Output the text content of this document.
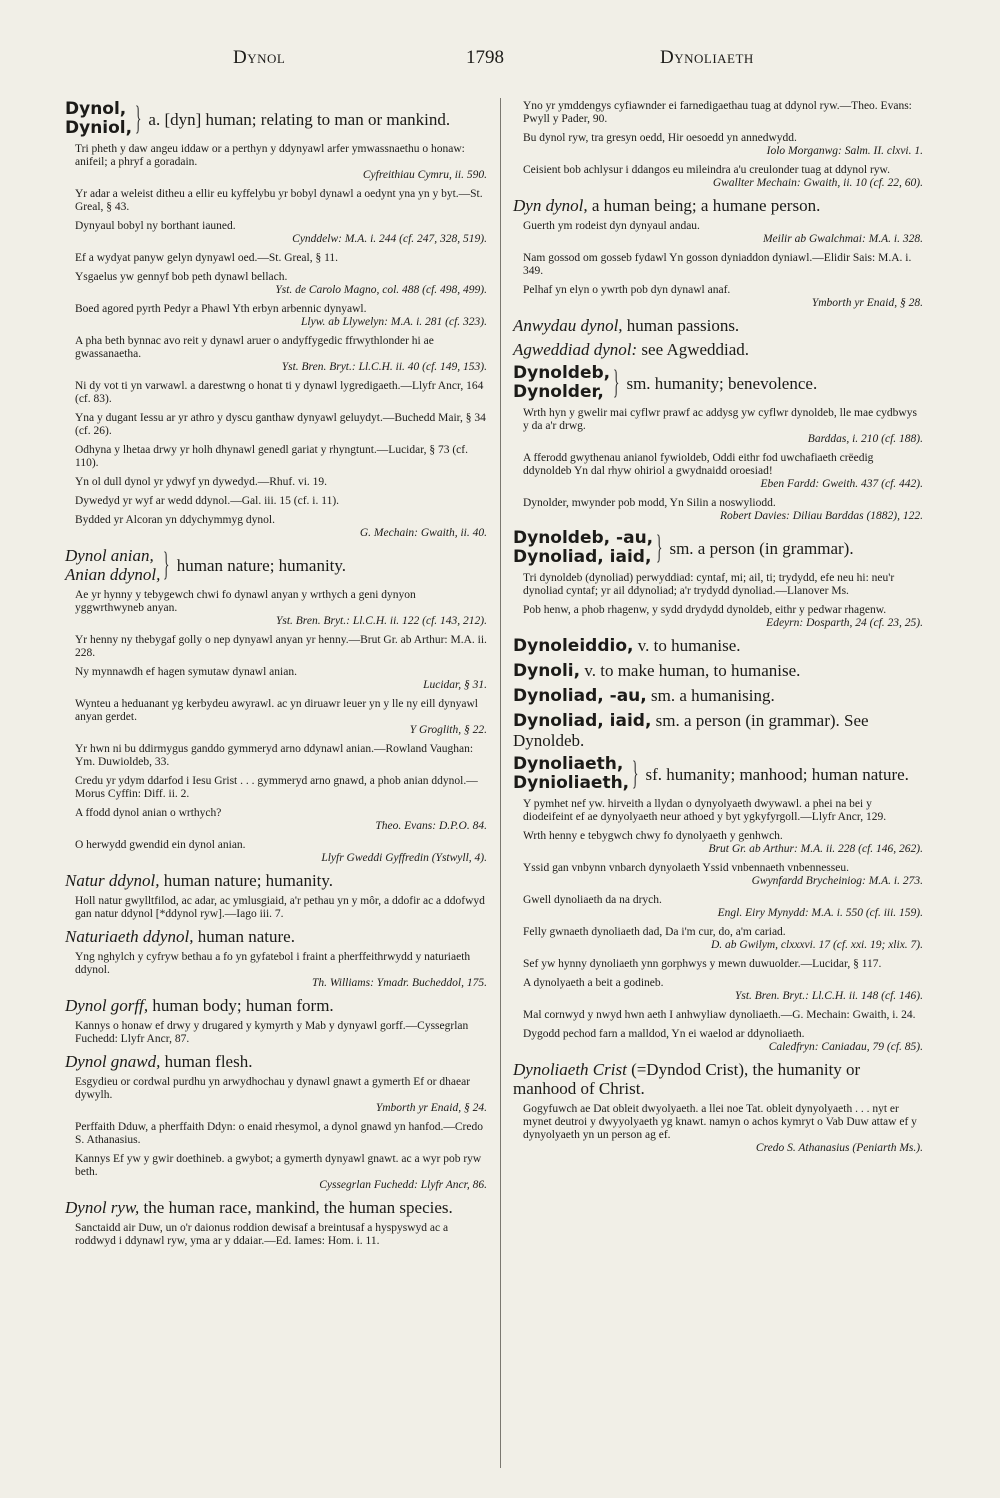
Dynol	1798	Dynoliaeth
Dynol,
Dyniol, } a. [dyn] human; relating to man or mankind.
Tri pheth y daw angeu iddaw or a perthyn y ddynyawl arfer ymwassnaethu o honaw: anifeil; a phryf a goradain.
Cyfreithiau Cymru, ii. 590.
Yr adar a weleist ditheu a ellir eu kyffelybu yr bobyl dynawl a oedynt yna yn y byt.—St. Greal, § 43.
Dynyaul bobyl ny borthant iauned.
Cynddelw: M.A. i. 244 (cf. 247, 328, 519).
Ef a wydyat panyw gelyn dynyawl oed.—St. Greal, § 11.
Ysgaelus yw gennyf bob peth dynawl bellach.
Yst. de Carolo Magno, col. 488 (cf. 498, 499).
Boed agored pyrth Pedyr a Phawl Yth erbyn arbennic dynyawl.
Llyw. ab Llywelyn: M.A. i. 281 (cf. 323).
A pha beth bynnac avo reit y dynawl aruer o andyffygedic ffrwythlonder hi ae gwassanaetha.
Yst. Bren. Bryt.: Ll.C.H. ii. 40 (cf. 149, 153).
Ni dy vot ti yn varwawl. a darestwng o honat ti y dynawl lygredigaeth.—Llyfr Ancr, 164 (cf. 83).
Yna y dugant Iessu ar yr athro y dyscu ganthaw dynyawl geluydyt.—Buchedd Mair, § 34 (cf. 26).
Odhyna y lhetaa drwy yr holh dhynawl genedl gariat y rhyngtunt.—Lucidar, § 73 (cf. 110).
Yn ol dull dynol yr ydwyf yn dywedyd.—Rhuf. vi. 19.
Dywedyd yr wyf ar wedd ddynol.—Gal. iii. 15 (cf. i. 11).
Bydded yr Alcoran yn ddychymmyg dynol.
G. Mechain: Gwaith, ii. 40.
Dynol anian,
Anian ddynol, } human nature; humanity.
Ae yr hynny y tebygewch chwi fo dynawl anyan y wrthych a geni dynyon yggwrthwyneb anyan.
Yst. Bren. Bryt.: Ll.C.H. ii. 122 (cf. 143, 212).
Yr henny ny thebygaf golly o nep dynyawl anyan yr henny.—Brut Gr. ab Arthur: M.A. ii. 228.
Ny mynnawdh ef hagen symutaw dynawl anian.
Lucidar, § 31.
Wynteu a heduanant yg kerbydeu awyrawl. ac yn diruawr leuer yn y lle ny eill dynyawl anyan gerdet.
Y Groglith, § 22.
Yr hwn ni bu ddirmygus ganddo gymmeryd arno ddynawl anian.—Rowland Vaughan: Ym. Duwioldeb, 33.
Credu yr ydym ddarfod i Iesu Grist . . . gymmeryd arno gnawd, a phob anian ddynol.—Morus Cyffin: Diff. ii. 2.
A ffodd dynol anian o wrthych?
Theo. Evans: D.P.O. 84.
O herwydd gwendid ein dynol anian.
Llyfr Gweddi Gyffredin (Ystwyll, 4).
Natur ddynol, human nature; humanity.
Holl natur gwylltfilod, ac adar, ac ymlusgiaid, a'r pethau yn y môr, a ddofir ac a ddofwyd gan natur ddynol [*ddynol ryw].—Iago iii. 7.
Naturiaeth ddynol, human nature.
Yng nghylch y cyfryw bethau a fo yn gyfatebol i fraint a pherffeithrwydd y naturiaeth ddynol.
Th. Williams: Ymadr. Bucheddol, 175.
Dynol gorff, human body; human form.
Kannys o honaw ef drwy y drugared y kymyrth y Mab y dynyawl gorff.—Cyssegrlan Fuchedd: Llyfr Ancr, 87.
Dynol gnawd, human flesh.
Esgydieu or cordwal purdhu yn arwydhochau y dynawl gnawt a gymerth Ef or dhaear dywylh.
Ymborth yr Enaid, § 24.
Perffaith Dduw, a pherffaith Ddyn: o enaid rhesymol, a dynol gnawd yn hanfod.—Credo S. Athanasius.
Kannys Ef yw y gwir doethineb. a gwybot; a gymerth dynyawl gnawt. ac a wyr pob ryw beth.
Cyssegrlan Fuchedd: Llyfr Ancr, 86.
Dynol ryw, the human race, mankind, the human species.
Sanctaidd air Duw, un o'r daionus roddion dewisaf a breintusaf a hyspyswyd ac a roddwyd i ddynawl ryw, yma ar y ddaiar.—Ed. Iames: Hom. i. 11.
Yno yr ymddengys cyfiawnder ei farnedigaethau tuag at ddynol ryw.—Theo. Evans: Pwyll y Pader, 90.
Bu dynol ryw, tra gresyn oedd, Hir oesoedd yn annedwydd.
Iolo Morganwg: Salm. II. clxvi. 1.
Ceisient bob achlysur i ddangos eu mileindra a'u creulonder tuag at ddynol ryw.
Gwallter Mechain: Gwaith, ii. 10 (cf. 22, 60).
Dyn dynol, a human being; a humane person.
Guerth ym rodeist dyn dynyaul andau.
Meilir ab Gwalchmai: M.A. i. 328.
Nam gossod om gosseb fydawl Yn gosson dyniaddon dyniawl.—Elidir Sais: M.A. i. 349.
Pelhaf yn elyn o ywrth pob dyn dynawl anaf.
Ymborth yr Enaid, § 28.
Anwydau dynol, human passions.
Agweddiad dynol: see Agweddiad.
Dynoldeb,
Dynolder, } sm. humanity; benevolence.
Wrth hyn y gwelir mai cyflwr prawf ac addysg yw cyflwr dynoldeb, lle mae cydbwys y da a'r drwg.
Barddas, i. 210 (cf. 188).
A fferodd gwythenau anianol fywioldeb, Oddi eithr fod uwchafiaeth crëedig ddynoldeb Yn dal rhyw ohiriol a gwydnaidd oroesiad!
Eben Fardd: Gweith. 437 (cf. 442).
Dynolder, mwynder pob modd, Yn Silin a noswyliodd.
Robert Davies: Diliau Barddas (1882), 122.
Dynoldeb, -au,
Dynoliad, iaid, } sm. a person (in grammar).
Tri dynoldeb (dynoliad) perwyddiad: cyntaf, mi; ail, ti; trydydd, efe neu hi: neu'r dynoliad cyntaf; yr ail ddynoliad; a'r trydydd dynoliad.—Llanover Ms.
Pob henw, a phob rhagenw, y sydd drydydd dynoldeb, eithr y pedwar rhagenw.
Edeyrn: Dosparth, 24 (cf. 23, 25).
Dynoleiddio, v. to humanise.
Dynoli, v. to make human, to humanise.
Dynoliad, -au, sm. a humanising.
Dynoliad, iaid, sm. a person (in grammar). See Dynoldeb.
Dynoliaeth,
Dynioliaeth, } sf. humanity; manhood; human nature.
Y pymhet nef yw. hirveith a llydan o dynyolyaeth dwywawl. a phei na bei y diodeifeint ef ae dynyolyaeth neur athoed y byt ygkyfyrgoll.—Llyfr Ancr, 129.
Wrth henny e tebygwch chwy fo dynolyaeth y genhwch.
Brut Gr. ab Arthur: M.A. ii. 228 (cf. 146, 262).
Yssid gan vnbynn vnbarch dynyolaeth Yssid vnbennaeth vnbennesseu.
Gwynfardd Brycheiniog: M.A. i. 273.
Gwell dynoliaeth da na drych.
Engl. Eiry Mynydd: M.A. i. 550 (cf. iii. 159).
Felly gwnaeth dynoliaeth dad, Da i'm cur, do, a'm cariad.
D. ab Gwilym, clxxxvi. 17 (cf. xxi. 19; xlix. 7).
Sef yw hynny dynoliaeth ynn gorphwys y mewn duwuolder.—Lucidar, § 117.
A dynolyaeth a beit a godineb.
Yst. Bren. Bryt.: Ll.C.H. ii. 148 (cf. 146).
Mal cornwyd y nwyd hwn aeth I anhwyliaw dynoliaeth.—G. Mechain: Gwaith, i. 24.
Dygodd pechod farn a malldod, Yn ei waelod ar ddynoliaeth.
Caledfryn: Caniadau, 79 (cf. 85).
Dynoliaeth Crist (=Dyndod Crist), the humanity or manhood of Christ.
Gogyfuwch ae Dat obleit dwyolyaeth. a llei noe Tat. obleit dynyolyaeth . . . nyt er mynet deutroi y dwyyolyaeth yg knawt. namyn o achos kymryt o Vab Duw attaw ef y dynyolyaeth yn un person ag ef.
Credo S. Athanasius (Peniarth Ms.).
